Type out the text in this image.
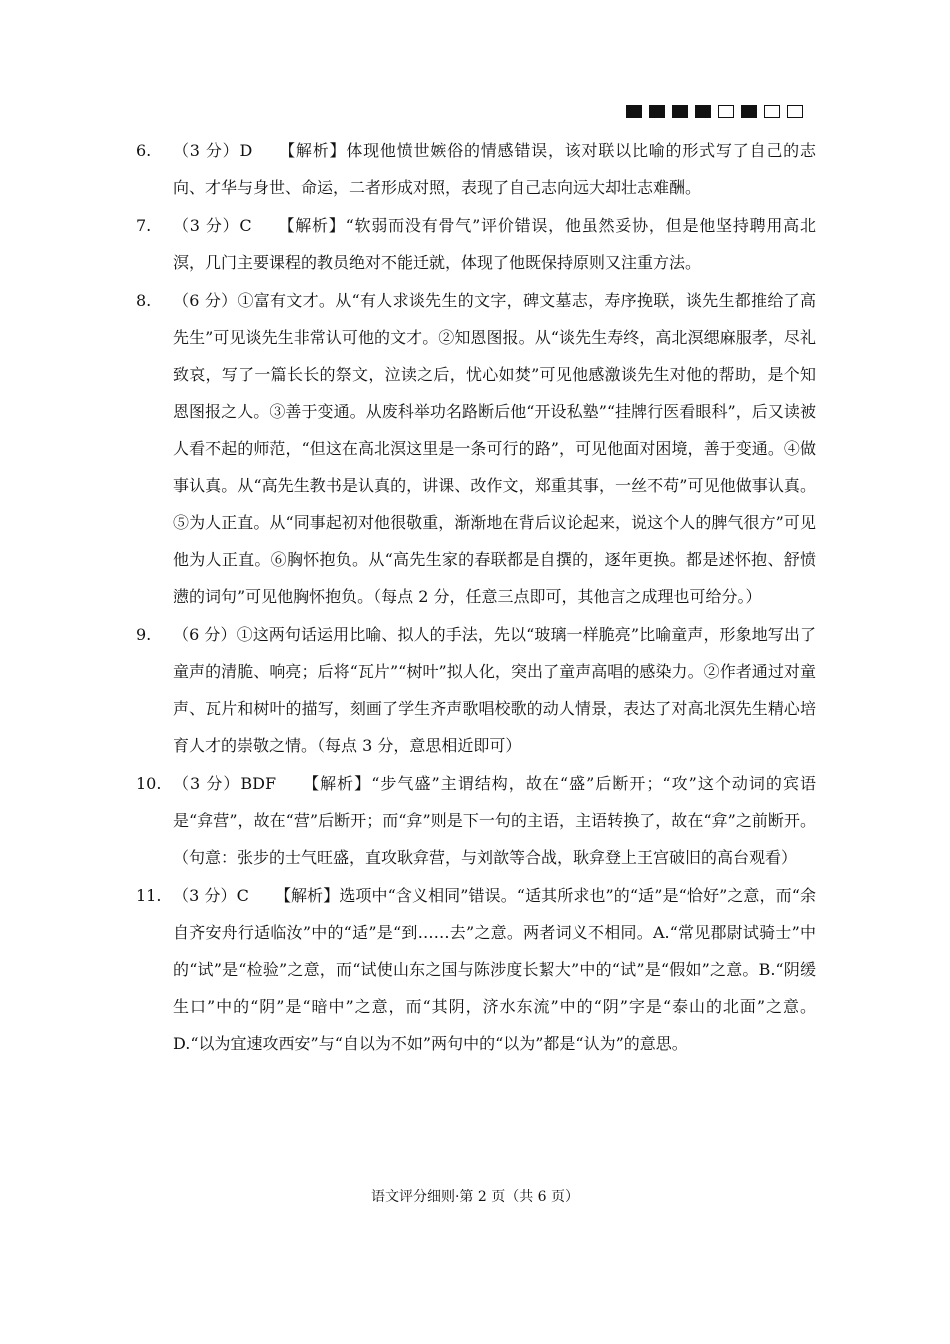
6. （3 分）D 【解析】体现他愤世嫉俗的情感错误，该对联以比喻的形式写了自己的志向、才华与身世、命运，二者形成对照，表现了自己志向远大却壮志难酬。
7. （3 分）C 【解析】“软弱而没有骨气”评价错误，他虽然妥协，但是他坚持聘用高北溟，几门主要课程的教员绝对不能迁就，体现了他既保持原则又注重方法。
8. （6 分）①富有文才。从“有人求谈先生的文字，碑文墓志，寿序挽联，谈先生都推给了高先生”可见谈先生非常认可他的文才。②知恩图报。从“谈先生寿终，高北溟缌麻服孝，尽礼致哀，写了一篇长长的祭文，泣读之后，忧心如焚”可见他感激谈先生对他的帮助，是个知恩图报之人。③善于变通。从废科举功名路断后他“开设私塾”“挂牌行医看眼科”，后又读被人看不起的师范，“但这在高北溟这里是一条可行的路”，可见他面对困境，善于变通。④做事认真。从“高先生教书是认真的，讲课、改作文，郑重其事，一丝不苟”可见他做事认真。⑤为人正直。从“同事起初对他很敬重，渐渐地在背后议论起来，说这个人的脾气很方”可见他为人正直。⑥胸怀抱负。从“高先生家的春联都是自撰的，逐年更换。都是述怀抱、舒愤懑的词句”可见他胸怀抱负。（每点 2 分，任意三点即可，其他言之成理也可给分。）
9. （6 分）①这两句话运用比喻、拟人的手法，先以“玻璃一样脆亮”比喻童声，形象地写出了童声的清脆、响亮；后将“瓦片”“树叶”拟人化，突出了童声高唱的感染力。②作者通过对童声、瓦片和树叶的描写，刻画了学生齐声歌唱校歌的动人情景，表达了对高北溟先生精心培育人才的崇敬之情。（每点 3 分，意思相近即可）
10. （3 分）BDF 【解析】“步气盛”主谓结构，故在“盛”后断开；“攻”这个动词的宾语是“弇营”，故在“营”后断开；而“弇”则是下一句的主语，主语转换了，故在“弇”之前断开。（句意：张步的士气旺盛，直攻耿弇营，与刘歆等合战，耿弇登上王宫破旧的高台观看）
11. （3 分）C 【解析】选项中“含义相同”错误。“适其所求也”的“适”是“恰好”之意，而“余自齐安舟行适临汝”中的“适”是“到……去”之意。两者词义不相同。A.“常见郡尉试骑士”中的“试”是“检验”之意，而“试使山东之国与陈涉度长絜大”中的“试”是“假如”之意。B.“阴缓生口”中的“阴”是“暗中”之意，而“其阴，济水东流”中的“阴”字是“泰山的北面”之意。D.“以为宜速攻西安”与“自以为不如”两句中的“以为”都是“认为”的意思。
语文评分细则·第 2 页（共 6 页）
